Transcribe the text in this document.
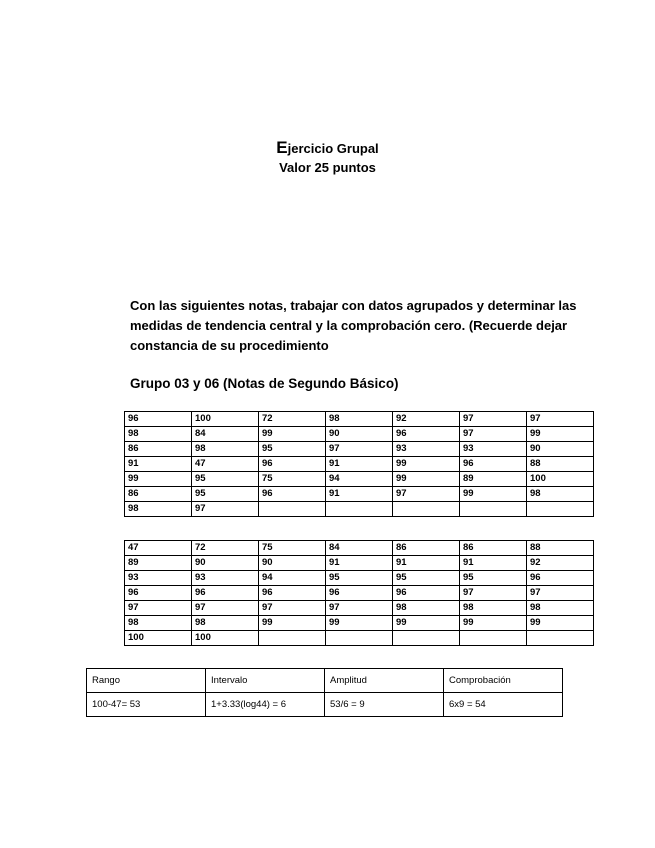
Ejercicio Grupal
Valor 25 puntos
Con las siguientes notas, trabajar con datos agrupados y determinar las medidas de tendencia central y la comprobación cero. (Recuerde dejar constancia de su procedimiento
Grupo 03 y 06 (Notas de Segundo Básico)
96	100	72	98	92	97	97
98	84	99	90	96	97	99
86	98	95	97	93	93	90
91	47	96	91	99	96	88
99	95	75	94	99	89	100
86	95	96	91	97	99	98
98	97					
47	72	75	84	86	86	88
89	90	90	91	91	91	92
93	93	94	95	95	95	96
96	96	96	96	96	97	97
97	97	97	97	98	98	98
98	98	99	99	99	99	99
100	100					
Rango	Intervalo	Amplitud	Comprobación
100-47= 53	1+3.33(log44) = 6	53/6 = 9	6x9 = 54
